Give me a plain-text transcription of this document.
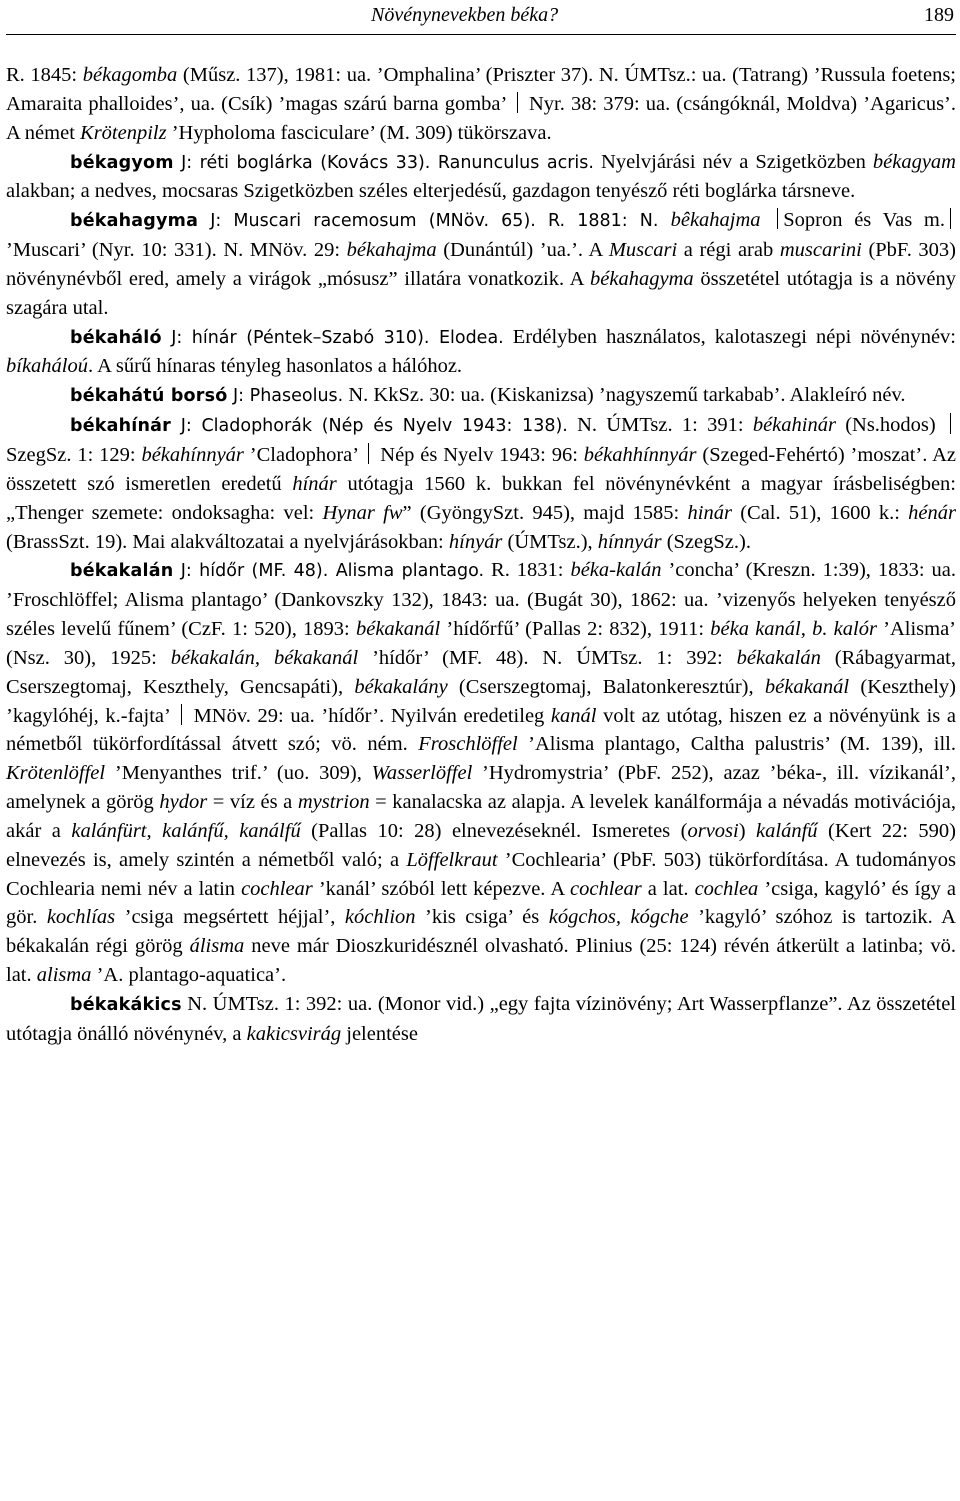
Növénynevekben béka?	189

R. 1845: békagomba (Műsz. 137), 1981: ua. ’Omphalina’ (Priszter 37). N. ÚMTsz.: ua. (Tatrang) ’Russula foetens; Amaraita phalloides’, ua. (Csík) ’magas szárú barna gomba’  Nyr. 38: 379: ua. (csángóknál, Moldva) ’Agaricus’. A német Krötenpilz ’Hypholoma fasciculare’ (M. 309) tükörszava.

békagyom J: réti boglárka (Kovács 33). Ranunculus acris. Nyelvjárási név a Szigetközben békagyam alakban; a nedves, mocsaras Szigetközben széles elterjedésű, gazdagon tenyésző réti boglárka társneve.

békahagyma J: Muscari racemosum (MNöv. 65). R. 1881: N. bêkahajma Sopron és Vas m. ’Muscari’ (Nyr. 10: 331). N. MNöv. 29: békahajma (Dunántúl) ’ua.’. A Muscari a régi arab muscarini (PbF. 303) növénynévből ered, amely a virágok „mósusz” illatára vonatkozik. A békahagyma összetétel utótagja is a növény szagára utal.

békaháló J: hínár (Péntek–Szabó 310). Elodea. Erdélyben használatos, kalotaszegi népi növénynév: bíkaháloú. A sűrű hínaras tényleg hasonlatos a hálóhoz.

békahátú borsó J: Phaseolus. N. KkSz. 30: ua. (Kiskanizsa) ’nagyszemű tarkabab’. Alakleíró név.

békahínár J: Cladophorák (Nép és Nyelv 1943: 138). N. ÚMTsz. 1: 391: békahinár (Ns.hodos)  SzegSz. 1: 129: békahínnyár ’Cladophora’  Nép és Nyelv 1943: 96: békahhínnyár (Szeged-Fehértó) ’moszat’. Az összetett szó ismeretlen eredetű hínár utótagja 1560 k. bukkan fel növénynévként a magyar írásbeliségben: „Thenger szemete: ondoksagha: vel: Hynar fw” (GyöngySzt. 945), majd 1585: hinár (Cal. 51), 1600 k.: hénár (BrassSzt. 19). Mai alakváltozatai a nyelvjárásokban: hínyár (ÚMTsz.), hínnyár (SzegSz.).

békakalán J: hídőr (MF. 48). Alisma plantago. R. 1831: béka-kalán ’concha’ (Kreszn. 1:39), 1833: ua. ’Froschlöffel; Alisma plantago’ (Dankovszky 132), 1843: ua. (Bugát 30), 1862: ua. ’vizenyős helyeken tenyésző széles levelű fűnem’ (CzF. 1: 520), 1893: békakanál ’hídőrfű’ (Pallas 2: 832), 1911: béka kanál, b. kalór ’Alisma’ (Nsz. 30), 1925: békakalán, békakanál ’hídőr’ (MF. 48). N. ÚMTsz. 1: 392: békakalán (Rábagyarmat, Cserszegtomaj, Keszthely, Gencsapáti), békakalány (Cserszegtomaj, Balatonkeresztúr), békakanál (Keszthely) ’kagylóhéj, k.-fajta’  MNöv. 29: ua. ’hídőr’. Nyilván eredetileg kanál volt az utótag, hiszen ez a növényünk is a németből tükörfordítással átvett szó; vö. ném. Froschlöffel ’Alisma plantago, Caltha palustris’ (M. 139), ill. Krötenlöffel ’Menyanthes trif.’ (uo. 309), Wasserlöffel ’Hydromystria’ (PbF. 252), azaz ’béka-, ill. vízikanál’, amelynek a görög hydor = víz és a mystrion = kanalacska az alapja. A levelek kanálformája a névadás motivációja, akár a kalánfürt, kalánfű, kanálfű (Pallas 10: 28) elnevezéseknél. Ismeretes (orvosi) kalánfű (Kert 22: 590) elnevezés is, amely szintén a németből való; a Löffelkraut ’Cochlearia’ (PbF. 503) tükörfordítása. A tudományos Cochlearia nemi név a latin cochlear ’kanál’ szóból lett képezve. A cochlear a lat. cochlea ’csiga, kagyló’ és így a gör. kochlías ’csiga megsértett héjjal’, kóchlion ’kis csiga’ és kógchos, kógche ’kagyló’ szóhoz is tartozik. A békakalán régi görög álisma neve már Dioszkuridésznél olvasható. Plinius (25: 124) révén átkerült a latinba; vö. lat. alisma ’A. plantago-aquatica’.

békakákics N. ÚMTsz. 1: 392: ua. (Monor vid.) „egy fajta vízinövény; Art Wasserpflanze”. Az összetétel utótagja önálló növénynév, a kakicsvirág jelentése
